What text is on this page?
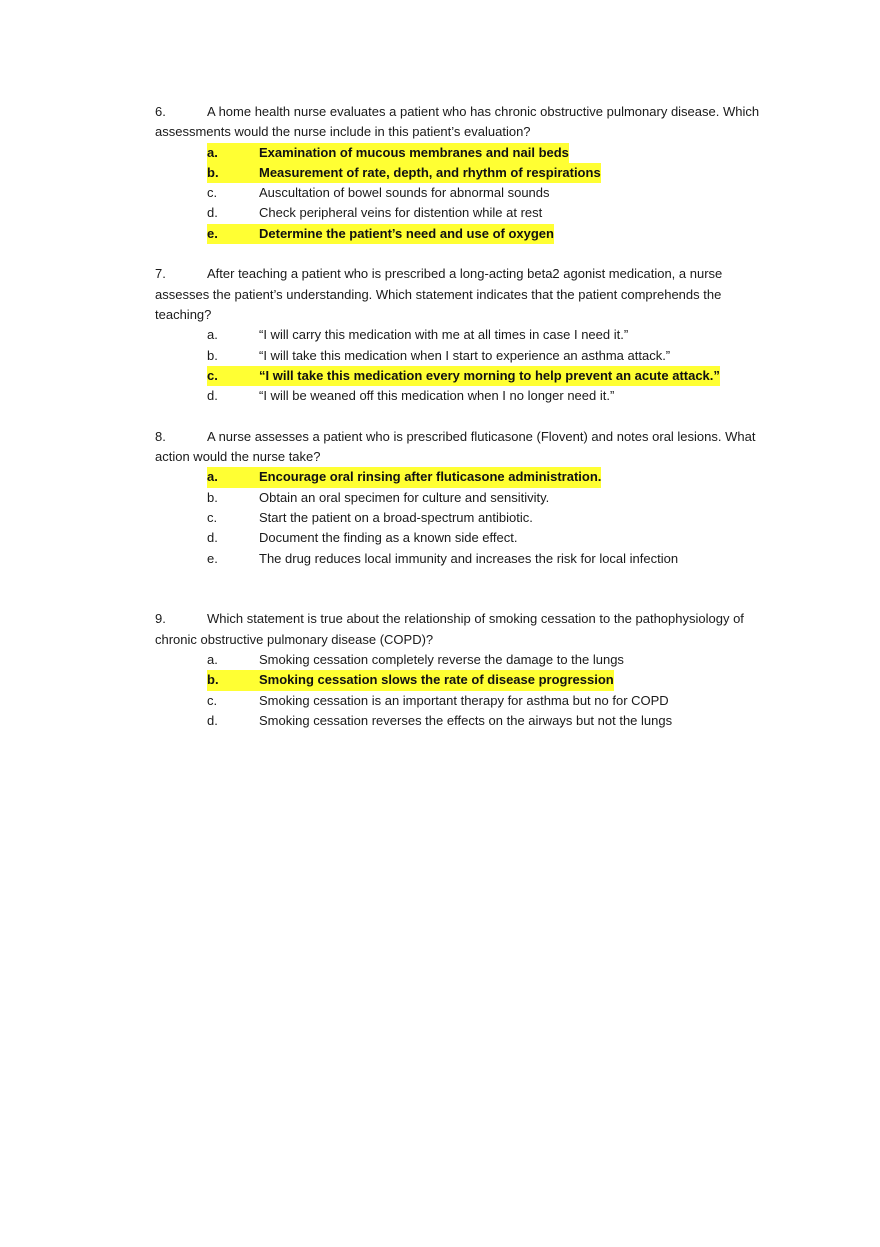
6.	A home health nurse evaluates a patient who has chronic obstructive pulmonary disease. Which assessments would the nurse include in this patient’s evaluation?

a.	Examination of mucous membranes and nail beds
b.	Measurement of rate, depth, and rhythm of respirations
c.	Auscultation of bowel sounds for abnormal sounds
d.	Check peripheral veins for distention while at rest
e.	Determine the patient’s need and use of oxygen

7.	After teaching a patient who is prescribed a long-acting beta2 agonist medication, a nurse assesses the patient’s understanding. Which statement indicates that the patient comprehends the teaching?

a.	“I will carry this medication with me at all times in case I need it.”
b.	“I will take this medication when I start to experience an asthma attack.”
c.	“I will take this medication every morning to help prevent an acute attack.”
d.	“I will be weaned off this medication when I no longer need it.”

8.	A nurse assesses a patient who is prescribed fluticasone (Flovent) and notes oral lesions. What action would the nurse take?

a.	Encourage oral rinsing after fluticasone administration.
b.	Obtain an oral specimen for culture and sensitivity.
c.	Start the patient on a broad-spectrum antibiotic.
d.	Document the finding as a known side effect.
e.	The drug reduces local immunity and increases the risk for local infection

9.	Which statement is true about the relationship of smoking cessation to the pathophysiology of chronic obstructive pulmonary disease (COPD)?

a.	Smoking cessation completely reverse the damage to the lungs
b.	Smoking cessation slows the rate of disease progression
c.	Smoking cessation is an important therapy for asthma but no for COPD
d.	Smoking cessation reverses the effects on the airways but not the lungs
